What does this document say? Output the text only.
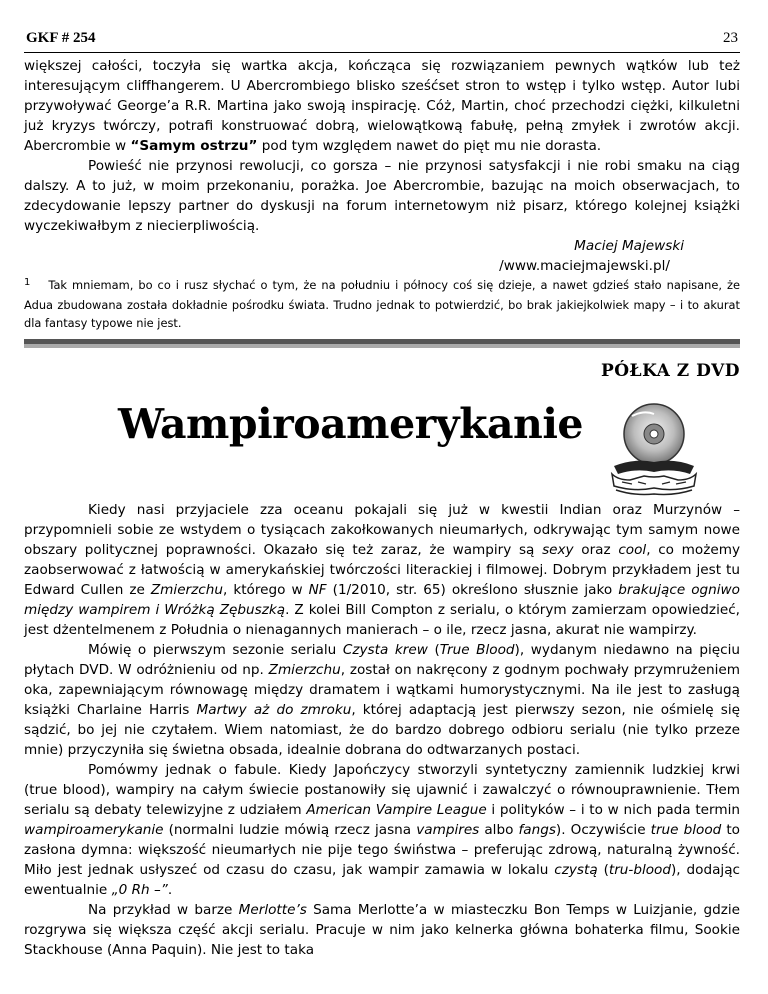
GKF # 254	23

większej całości, toczyła się wartka akcja, kończąca się rozwiązaniem pewnych wątków lub też interesującym cliffhangerem. U Abercrombiego blisko sześćset stron to wstęp i tylko wstęp. Autor lubi przywoływać George’a R.R. Martina jako swoją inspirację. Cóż, Martin, choć przechodzi ciężki, kilkuletni już kryzys twórczy, potrafi konstruować dobrą, wielowątkową fabułę, pełną zmyłek i zwrotów akcji. Abercrombie w “Samym ostrzu” pod tym względem nawet do pięt mu nie dorasta.

Powieść nie przynosi rewolucji, co gorsza – nie przynosi satysfakcji i nie robi smaku na ciąg dalszy. A to już, w moim przekonaniu, porażka. Joe Abercrombie, bazując na moich obserwacjach, to zdecydowanie lepszy partner do dyskusji na forum internetowym niż pisarz, którego kolejnej książki wyczekiwałbym z niecierpliwością.

Maciej Majewski
/www.maciejmajewski.pl/
1 Tak mniemam, bo co i rusz słychać o tym, że na południu i północy coś się dzieje, a nawet gdzieś stało napisane, że Adua zbudowana została dokładnie pośrodku świata. Trudno jednak to potwierdzić, bo brak jakiejkolwiek mapy – i to akurat dla fantasy typowe nie jest.
PÓŁKA Z DVD
Wampiroamerykanie

Kiedy nasi przyjaciele zza oceanu pokajali się już w kwestii Indian oraz Murzynów – przypomnieli sobie ze wstydem o tysiącach zakołkowanych nieumarłych, odkrywając tym samym nowe obszary politycznej poprawności. Okazało się też zaraz, że wampiry są sexy oraz cool, co możemy zaobserwować z łatwością w amerykańskiej twórczości literackiej i filmowej. Dobrym przykładem jest tu Edward Cullen ze Zmierzchu, którego w NF (1/2010, str. 65) określono słusznie jako brakujące ogniwo między wampirem i Wróżką Zębuszką. Z kolei Bill Compton z serialu, o którym zamierzam opowiedzieć, jest dżentelmenem z Południa o nienagannych manierach – o ile, rzecz jasna, akurat nie wampirzy.

Mówię o pierwszym sezonie serialu Czysta krew (True Blood), wydanym niedawno na pięciu płytach DVD. W odróżnieniu od np. Zmierzchu, został on nakręcony z godnym pochwały przymrużeniem oka, zapewniającym równowagę między dramatem i wątkami humorystycznymi. Na ile jest to zasługą książki Charlaine Harris Martwy aż do zmroku, której adaptacją jest pierwszy sezon, nie ośmielę się sądzić, bo jej nie czytałem. Wiem natomiast, że do bardzo dobrego odbioru serialu (nie tylko przeze mnie) przyczyniła się świetna obsada, idealnie dobrana do odtwarzanych postaci.

Pomówmy jednak o fabule. Kiedy Japończycy stworzyli syntetyczny zamiennik ludzkiej krwi (true blood), wampiry na całym świecie postanowiły się ujawnić i zawalczyć o równouprawnienie. Tłem serialu są debaty telewizyjne z udziałem American Vampire League i polityków – i to w nich pada termin wampiroamerykanie (normalni ludzie mówią rzecz jasna vampires albo fangs). Oczywiście true blood to zasłona dymna: większość nieumarłych nie pije tego świństwa – preferując zdrową, naturalną żywność. Miło jest jednak usłyszeć od czasu do czasu, jak wampir zamawia w lokalu czystą (tru-blood), dodając ewentualnie „0 Rh –”.

Na przykład w barze Merlotte’s Sama Merlotte’a w miasteczku Bon Temps w Luizjanie, gdzie rozgrywa się większa część akcji serialu. Pracuje w nim jako kelnerka główna bohaterka filmu, Sookie Stackhouse (Anna Paquin). Nie jest to taka
